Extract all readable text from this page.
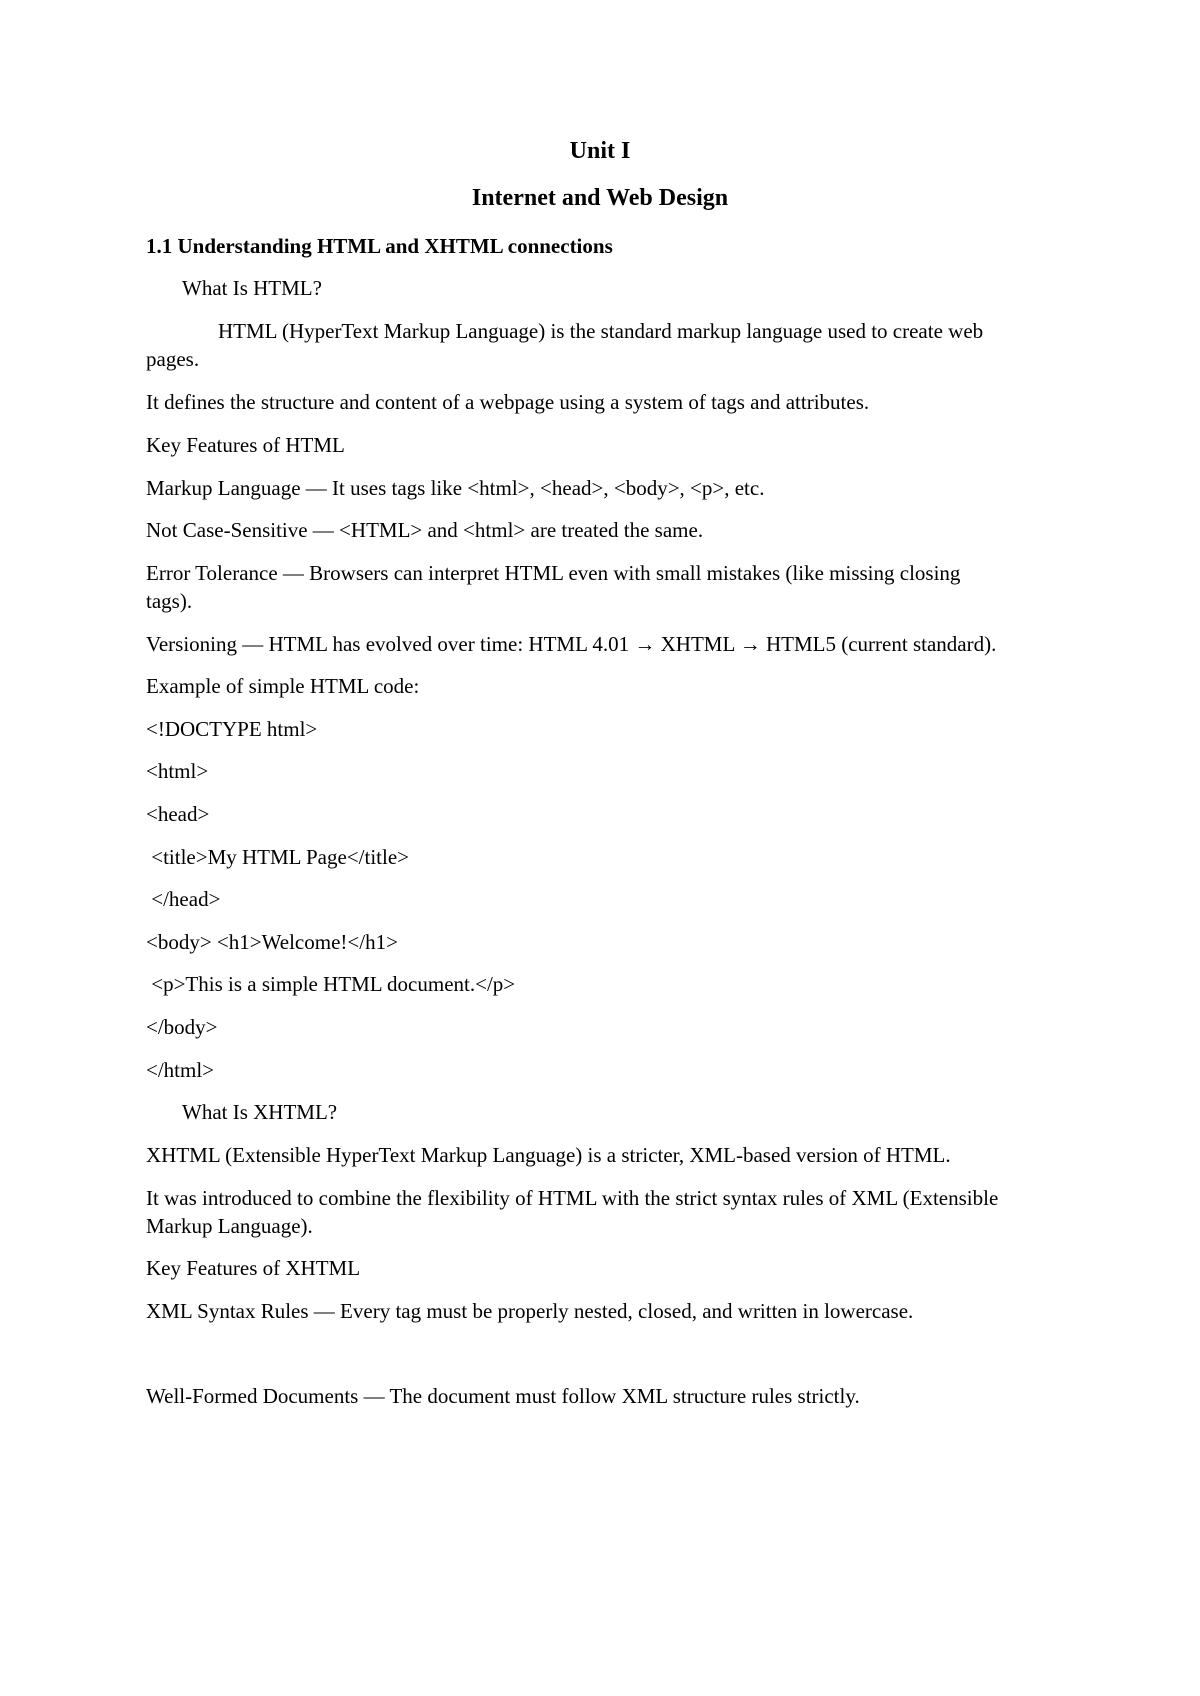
Unit I
Internet and Web Design
1.1 Understanding HTML and XHTML connections
What Is HTML?
HTML (HyperText Markup Language) is the standard markup language used to create web
pages.
It defines the structure and content of a webpage using a system of tags and attributes.
Key Features of HTML
Markup Language — It uses tags like <html>, <head>, <body>, <p>, etc.
Not Case-Sensitive — <HTML> and <html> are treated the same.
Error Tolerance — Browsers can interpret HTML even with small mistakes (like missing closing
tags).
Versioning — HTML has evolved over time: HTML 4.01 → XHTML → HTML5 (current standard).
Example of simple HTML code:
<!DOCTYPE html>
<html>
<head>
<title>My HTML Page</title>
</head>
<body> <h1>Welcome!</h1>
<p>This is a simple HTML document.</p>
</body>
</html>
What Is XHTML?
XHTML (Extensible HyperText Markup Language) is a stricter, XML-based version of HTML.
It was introduced to combine the flexibility of HTML with the strict syntax rules of XML (Extensible
Markup Language).
Key Features of XHTML
XML Syntax Rules — Every tag must be properly nested, closed, and written in lowercase.
Well-Formed Documents — The document must follow XML structure rules strictly.
